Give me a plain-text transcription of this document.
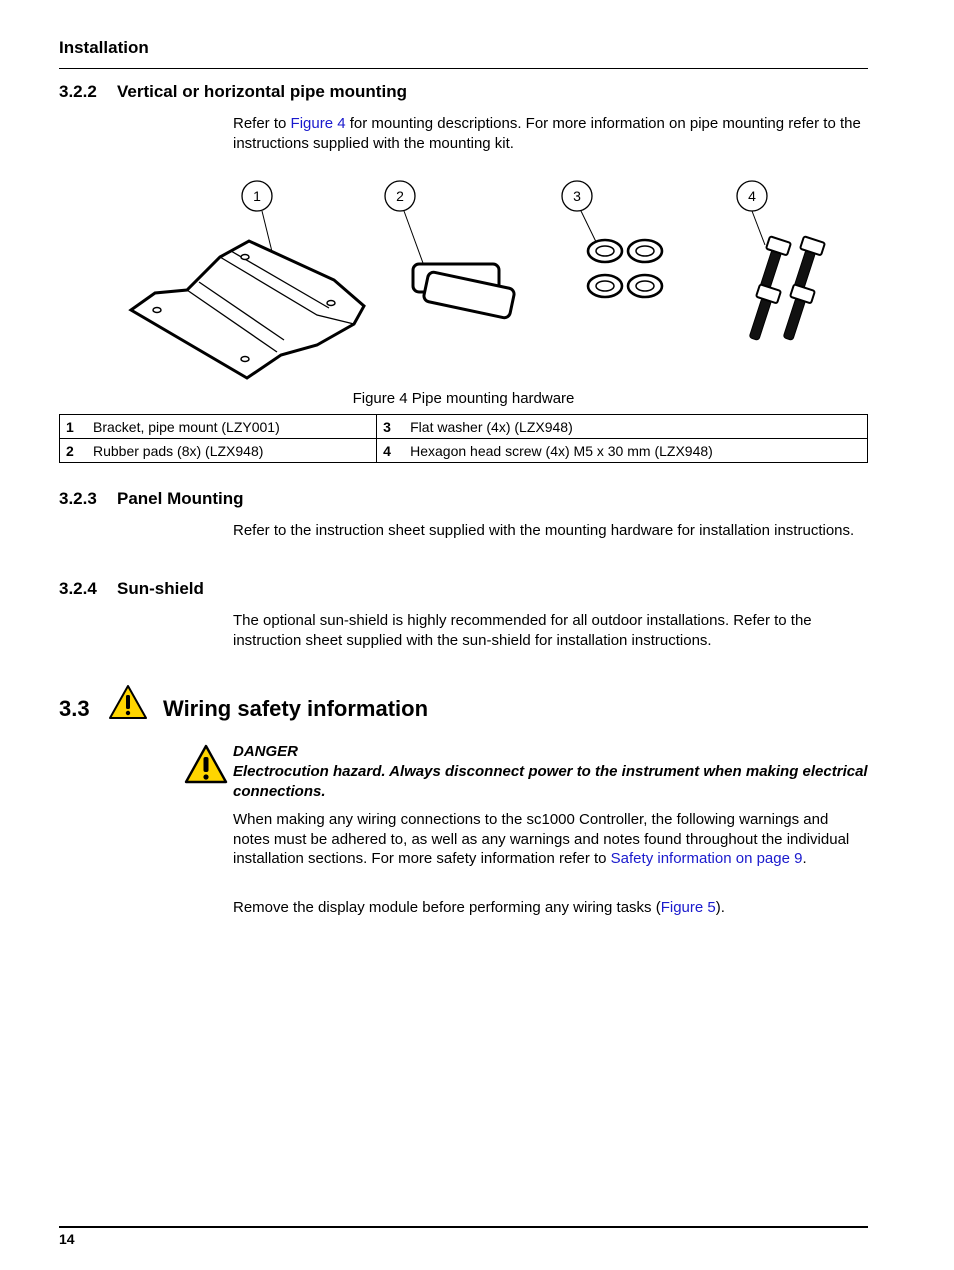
Installation
3.2.2 Vertical or horizontal pipe mounting
Refer to Figure 4 for mounting descriptions. For more information on pipe mounting refer to the instructions supplied with the mounting kit.
1	2	3	4
Figure 4 Pipe mounting hardware
1	Bracket, pipe mount (LZY001)	3	Flat washer (4x) (LZX948)
2	Rubber pads (8x) (LZX948)	4	Hexagon head screw (4x) M5 x 30 mm (LZX948)
3.2.3 Panel Mounting
Refer to the instruction sheet supplied with the mounting hardware for installation instructions.
3.2.4 Sun-shield
The optional sun-shield is highly recommended for all outdoor installations. Refer to the instruction sheet supplied with the sun-shield for installation instructions.
3.3	Wiring safety information
DANGER
Electrocution hazard. Always disconnect power to the instrument when making electrical connections.
When making any wiring connections to the sc1000 Controller, the following warnings and notes must be adhered to, as well as any warnings and notes found throughout the individual installation sections. For more safety information refer to Safety information on page 9.
Remove the display module before performing any wiring tasks (Figure 5).
14
